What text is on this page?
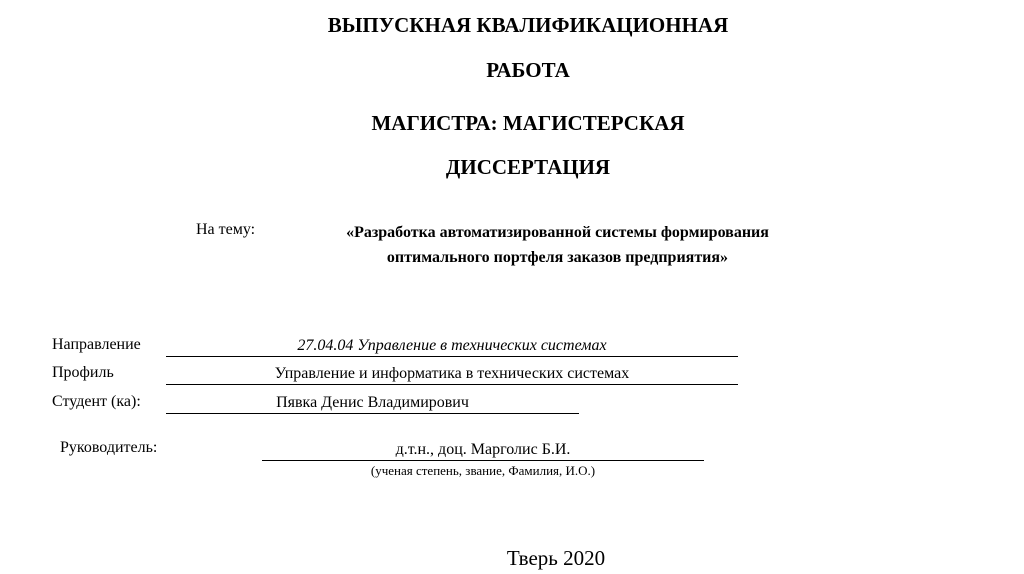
ВЫПУСКНАЯ КВАЛИФИКАЦИОННАЯ
РАБОТА
МАГИСТРА: МАГИСТЕРСКАЯ
ДИССЕРТАЦИЯ
На тему:	«Разработка автоматизированной системы формирования
оптимального портфеля заказов предприятия»
Направление	27.04.04 Управление в технических системах
Профиль	Управление и информатика в технических системах
Студент (ка):	Пявка Денис Владимирович
Руководитель:	д.т.н., доц. Марголис Б.И.
(ученая степень, звание, Фамилия, И.О.)
Тверь 2020
